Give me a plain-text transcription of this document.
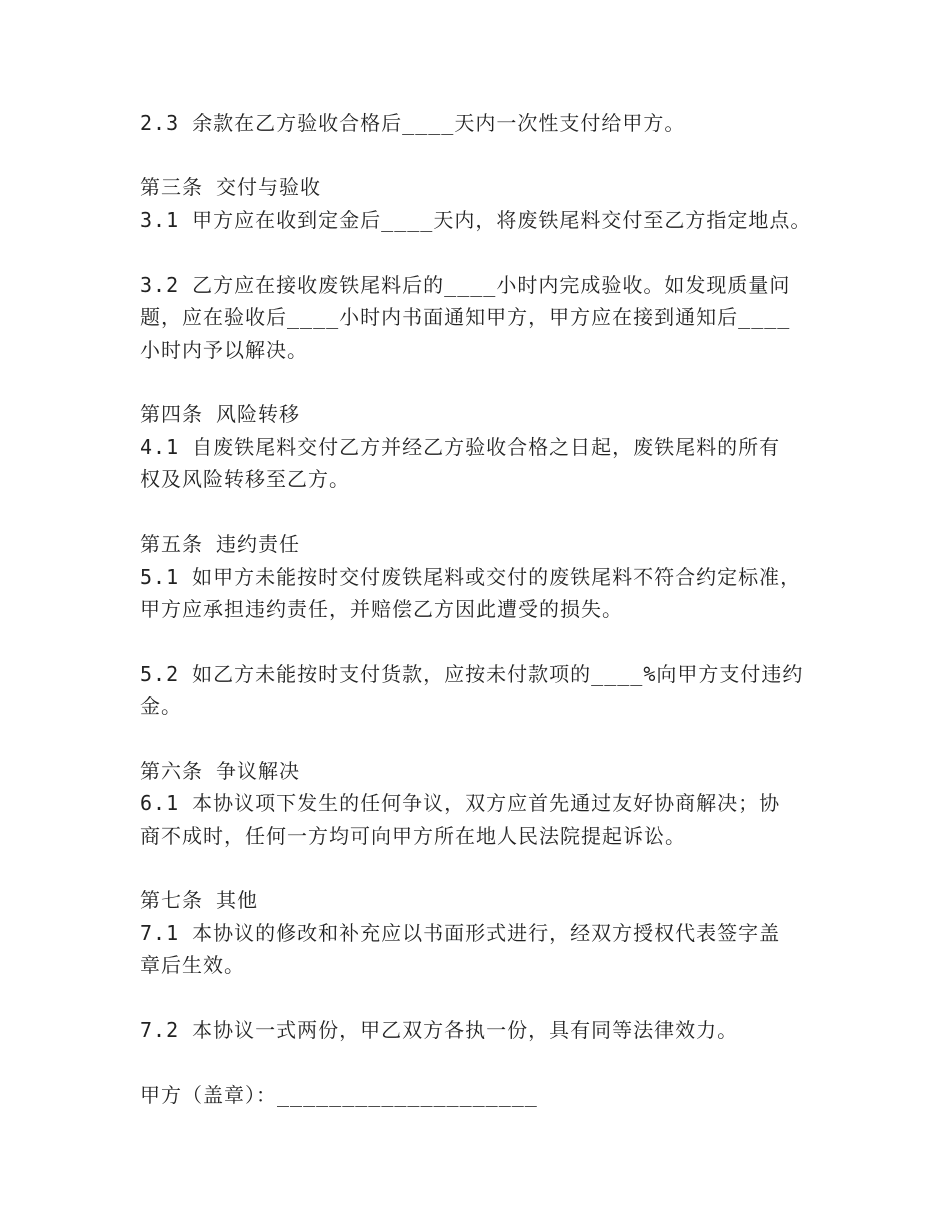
2.3 余款在乙方验收合格后____天内一次性支付给甲方。

第三条 交付与验收

3.1 甲方应在收到定金后____天内，将废铁尾料交付至乙方指定地点。

3.2 乙方应在接收废铁尾料后的____小时内完成验收。如发现质量问

题，应在验收后____小时内书面通知甲方，甲方应在接到通知后____

小时内予以解决。

第四条 风险转移

4.1 自废铁尾料交付乙方并经乙方验收合格之日起，废铁尾料的所有

权及风险转移至乙方。

第五条 违约责任

5.1 如甲方未能按时交付废铁尾料或交付的废铁尾料不符合约定标准，

甲方应承担违约责任，并赔偿乙方因此遭受的损失。

5.2 如乙方未能按时支付货款，应按未付款项的____%向甲方支付违约

金。

第六条 争议解决

6.1 本协议项下发生的任何争议，双方应首先通过友好协商解决；协

商不成时，任何一方均可向甲方所在地人民法院提起诉讼。

第七条 其他

7.1 本协议的修改和补充应以书面形式进行，经双方授权代表签字盖

章后生效。

7.2 本协议一式两份，甲乙双方各执一份，具有同等法律效力。

甲方（盖章）：____________________
